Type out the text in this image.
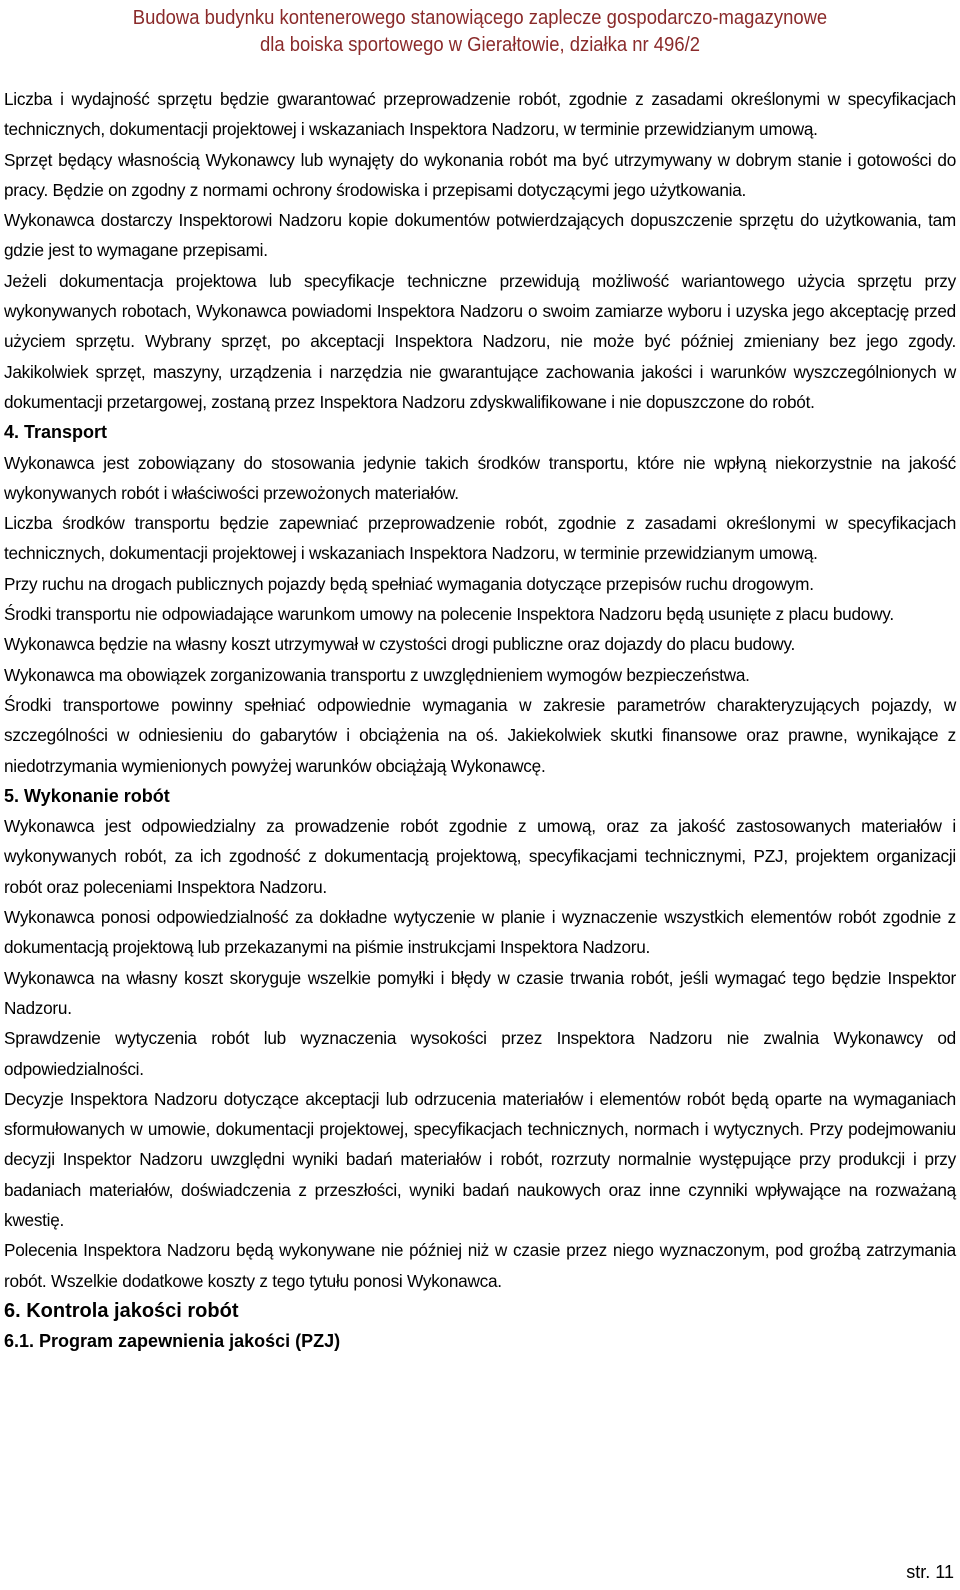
Budowa budynku kontenerowego stanowiącego zaplecze gospodarczo-magazynowe
dla boiska sportowego w Gierałtowie, działka nr 496/2

Liczba i wydajność sprzętu będzie gwarantować przeprowadzenie robót, zgodnie z zasadami określonymi w specyfikacjach technicznych, dokumentacji projektowej i wskazaniach Inspektora Nadzoru, w terminie przewidzianym umową.

Sprzęt będący własnością Wykonawcy lub wynajęty do wykonania robót ma być utrzymywany w dobrym stanie i gotowości do pracy. Będzie on zgodny z normami ochrony środowiska i przepisami dotyczącymi jego użytkowania.

Wykonawca dostarczy Inspektorowi Nadzoru kopie dokumentów potwierdzających dopuszczenie sprzętu do użytkowania, tam gdzie jest to wymagane przepisami.

Jeżeli dokumentacja projektowa lub specyfikacje techniczne przewidują możliwość wariantowego użycia sprzętu przy wykonywanych robotach, Wykonawca powiadomi Inspektora Nadzoru o swoim zamiarze wyboru i uzyska jego akceptację przed użyciem sprzętu. Wybrany sprzęt, po akceptacji Inspektora Nadzoru, nie może być później zmieniany bez jego zgody. Jakikolwiek sprzęt, maszyny, urządzenia i narzędzia nie gwarantujące zachowania jakości i warunków wyszczególnionych w dokumentacji przetargowej, zostaną przez Inspektora Nadzoru zdyskwalifikowane i nie dopuszczone do robót.

4. Transport

Wykonawca jest zobowiązany do stosowania jedynie takich środków transportu, które nie wpłyną niekorzystnie na jakość wykonywanych robót i właściwości przewożonych materiałów.

Liczba środków transportu będzie zapewniać przeprowadzenie robót, zgodnie z zasadami określonymi w specyfikacjach technicznych, dokumentacji projektowej i wskazaniach Inspektora Nadzoru, w terminie przewidzianym umową.

Przy ruchu na drogach publicznych pojazdy będą spełniać wymagania dotyczące przepisów ruchu drogowym.

Środki transportu nie odpowiadające warunkom umowy na polecenie Inspektora Nadzoru będą usunięte z placu budowy.

Wykonawca będzie na własny koszt utrzymywał w czystości drogi publiczne oraz dojazdy do placu budowy.

Wykonawca ma obowiązek zorganizowania transportu z uwzględnieniem wymogów bezpieczeństwa.

Środki transportowe powinny spełniać odpowiednie wymagania w zakresie parametrów charakteryzujących pojazdy, w szczególności w odniesieniu do gabarytów i obciążenia na oś. Jakiekolwiek skutki finansowe oraz prawne, wynikające z niedotrzymania wymienionych powyżej warunków obciążają Wykonawcę.

5. Wykonanie robót

Wykonawca jest odpowiedzialny za prowadzenie robót zgodnie z umową, oraz za jakość zastosowanych materiałów i wykonywanych robót, za ich zgodność z dokumentacją projektową, specyfikacjami technicznymi, PZJ, projektem organizacji robót oraz poleceniami Inspektora Nadzoru.

Wykonawca ponosi odpowiedzialność za dokładne wytyczenie w planie i wyznaczenie wszystkich elementów robót zgodnie z dokumentacją projektową lub przekazanymi na piśmie instrukcjami Inspektora Nadzoru.

Wykonawca na własny koszt skoryguje wszelkie pomyłki i błędy w czasie trwania robót, jeśli wymagać tego będzie Inspektor Nadzoru.

Sprawdzenie wytyczenia robót lub wyznaczenia wysokości przez Inspektora Nadzoru nie zwalnia Wykonawcy od odpowiedzialności.

Decyzje Inspektora Nadzoru dotyczące akceptacji lub odrzucenia materiałów i elementów robót będą oparte na wymaganiach sformułowanych w umowie, dokumentacji projektowej, specyfikacjach technicznych, normach i wytycznych. Przy podejmowaniu decyzji Inspektor Nadzoru uwzględni wyniki badań materiałów i robót, rozrzuty normalnie występujące przy produkcji i przy badaniach materiałów, doświadczenia z przeszłości, wyniki badań naukowych oraz inne czynniki wpływające na rozważaną kwestię.

Polecenia Inspektora Nadzoru będą wykonywane nie później niż w czasie przez niego wyznaczonym, pod groźbą zatrzymania robót. Wszelkie dodatkowe koszty z tego tytułu ponosi Wykonawca.

6. Kontrola jakości robót
6.1. Program zapewnienia jakości (PZJ)
str. 11
